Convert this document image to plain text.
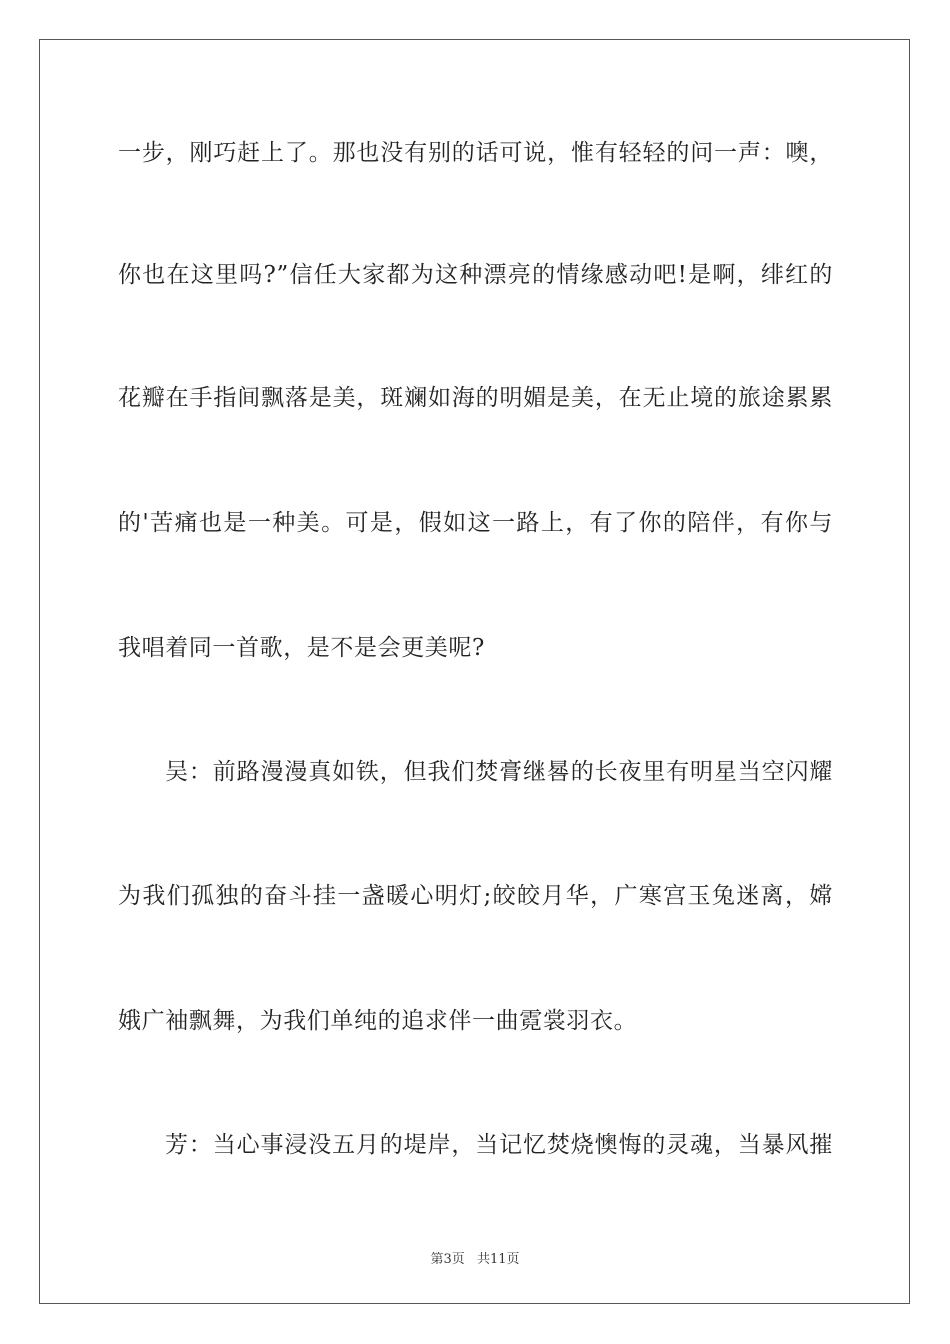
一步，刚巧赶上了。那也没有别的话可说，惟有轻轻的问一声：噢，
你也在这里吗?”信任大家都为这种漂亮的情缘感动吧!是啊，绯红的
花瓣在手指间飘落是美，斑斓如海的明媚是美，在无止境的旅途累累
的'苦痛也是一种美。可是，假如这一路上，有了你的陪伴，有你与
我唱着同一首歌，是不是会更美呢?
吴：前路漫漫真如铁，但我们焚膏继晷的长夜里有明星当空闪耀
为我们孤独的奋斗挂一盏暖心明灯;皎皎月华，广寒宫玉兔迷离，嫦
娥广袖飘舞，为我们单纯的追求伴一曲霓裳羽衣。
芳：当心事浸没五月的堤岸，当记忆焚烧懊悔的灵魂，当暴风摧
第3页 共11页
